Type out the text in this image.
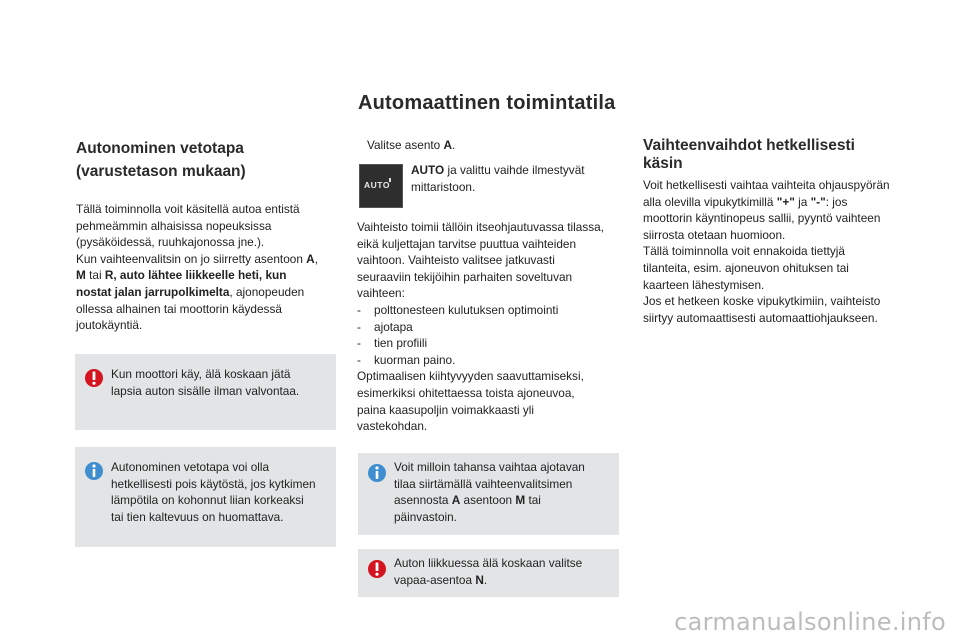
Automaattinen toimintatila
Autonominen vetotapa
(varustetason mukaan)
Tällä toiminnolla voit käsitellä autoa entistä
pehmeämmin alhaisissa nopeuksissa
(pysäköidessä, ruuhkajonossa jne.).
Kun vaihteenvalitsin on jo siirretty asentoon A,
M tai R, auto lähtee liikkeelle heti, kun
nostat jalan jarrupolkimelta, ajonopeuden
ollessa alhainen tai moottorin käydessä
joutokäyntiä.
Kun moottori käy, älä koskaan jätä
lapsia auton sisälle ilman valvontaa.
Autonominen vetotapa voi olla
hetkellisesti pois käytöstä, jos kytkimen
lämpötila on kohonnut liian korkeaksi
tai tien kaltevuus on huomattava.
Valitse asento A.
AUTO
AUTO ja valittu vaihde ilmestyvät
mittaristoon.
Vaihteisto toimii tällöin itseohjautuvassa tilassa,
eikä kuljettajan tarvitse puuttua vaihteiden
vaihtoon. Vaihteisto valitsee jatkuvasti
seuraaviin tekijöihin parhaiten soveltuvan
vaihteen:
-    polttonesteen kulutuksen optimointi
-    ajotapa
-    tien profiili
-    kuorman paino.
Optimaalisen kiihtyvyyden saavuttamiseksi,
esimerkiksi ohitettaessa toista ajoneuvoa,
paina kaasupoljin voimakkaasti yli
vastekohdan.
Voit milloin tahansa vaihtaa ajotavan
tilaa siirtämällä vaihteenvalitsimen
asennosta A asentoon M tai
päinvastoin.
Auton liikkuessa älä koskaan valitse
vapaa-asentoa N.
Vaihteenvaihdot hetkellisesti
käsin
Voit hetkellisesti vaihtaa vaihteita ohjauspyörän
alla olevilla vipukytkimillä "+" ja "-": jos
moottorin käyntinopeus sallii, pyyntö vaihteen
siirrosta otetaan huomioon.
Tällä toiminnolla voit ennakoida tiettyjä
tilanteita, esim. ajoneuvon ohituksen tai
kaarteen lähestymisen.
Jos et hetkeen koske vipukytkimiin, vaihteisto
siirtyy automaattisesti automaattiohjaukseen.
carmanualsonline.info
